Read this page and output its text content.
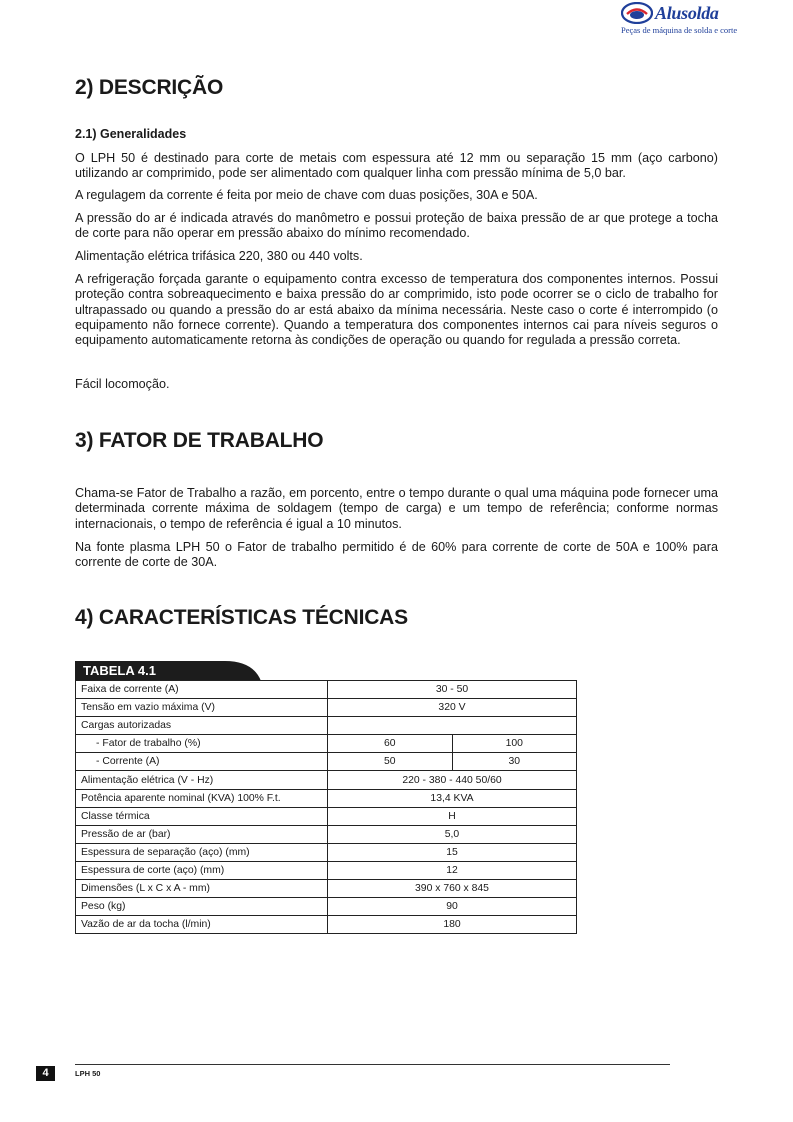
Alusolda
Peças de máquina de solda e corte
2) DESCRIÇÃO

2.1) Generalidades

O LPH 50 é destinado para corte de metais com espessura até 12 mm ou separação 15 mm (aço carbono) utilizando ar comprimido, pode ser alimentado com qualquer linha com pressão mínima de 5,0 bar.

A regulagem da corrente é feita por meio de chave com duas posições, 30A e 50A.

A pressão do ar é indicada através do manômetro e possui proteção de baixa pressão de ar que protege a tocha de corte para não operar em pressão abaixo do mínimo recomendado.

Alimentação elétrica trifásica 220, 380 ou 440 volts.

A refrigeração forçada garante o equipamento contra excesso de temperatura dos componentes internos. Possui proteção contra sobreaquecimento e baixa pressão do ar comprimido, isto pode ocorrer se o ciclo de trabalho for ultrapassado ou quando a pressão do ar está abaixo da mínima necessária. Neste caso o corte é interrompido (o equipamento não fornece corrente). Quando a temperatura dos componentes internos cai para níveis seguros o equipamento automaticamente retorna às condições de operação ou quando for regulada a pressão correta.

Fácil locomoção.

3) FATOR DE TRABALHO

Chama-se Fator de Trabalho a razão, em porcento, entre o tempo durante o qual uma máquina pode fornecer uma determinada corrente máxima de soldagem (tempo de carga) e um tempo de referência; conforme normas internacionais, o tempo de referência é igual a 10 minutos.

Na fonte plasma LPH 50 o Fator de trabalho permitido é de 60% para corrente de corte de 50A e 100% para corrente de corte de 30A.

4) CARACTERÍSTICAS TÉCNICAS
TABELA 4.1
Faixa de corrente (A)	30 - 50	
Tensão em vazio máxima (V)	320 V	
Cargas autorizadas		
- Fator de trabalho (%)	60	100
- Corrente (A)	50	30
Alimentação elétrica (V - Hz)	220 - 380 - 440 50/60	
Potência aparente nominal (KVA) 100% F.t.	13,4 KVA	
Classe térmica	H	
Pressão de ar (bar)	5,0	
Espessura de separação (aço) (mm)	15	
Espessura de corte (aço) (mm)	12	
Dimensões (L x C x A - mm)	390 x 760 x 845	
Peso (kg)	90	
Vazão de ar da tocha (l/min)	180	
4	LPH 50
